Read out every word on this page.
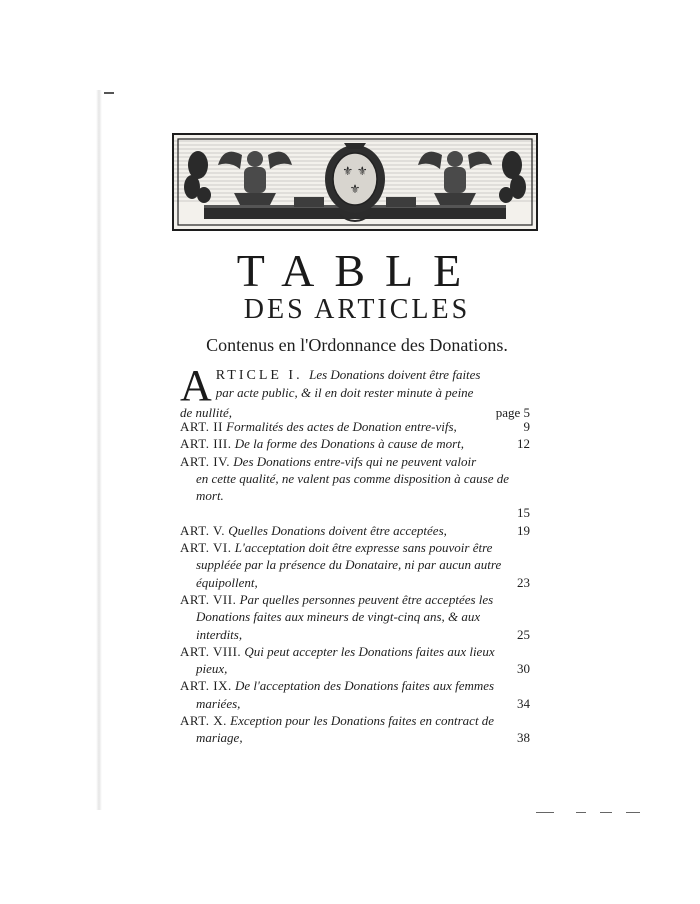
⚜ ⚜
⚜
TABLE
DES ARTICLES
Contenus en l'Ordonnance des Donations.
A RTICLE I. Les Donations doivent être faites
par acte public, & il en doit rester minute à peine
de nullité,	page 5
ART. II Formalités des actes de Donation entre-vifs,	9
ART. III. De la forme des Donations à cause de mort,	12
ART. IV. Des Donations entre-vifs qui ne peuvent valoir
en cette qualité, ne valent pas comme disposition à cause de
mort.
15
ART. V. Quelles Donations doivent être acceptées,	19
ART. VI. L'acceptation doit être expresse sans pouvoir être
suppléée par la présence du Donataire, ni par aucun autre
équipollent,	23
ART. VII. Par quelles personnes peuvent être acceptées les
Donations faites aux mineurs de vingt-cinq ans, & aux
interdits,	25
ART. VIII. Qui peut accepter les Donations faites aux lieux
pieux,	30
ART. IX. De l'acceptation des Donations faites aux femmes
mariées,	34
ART. X. Exception pour les Donations faites en contract de
mariage,	38
